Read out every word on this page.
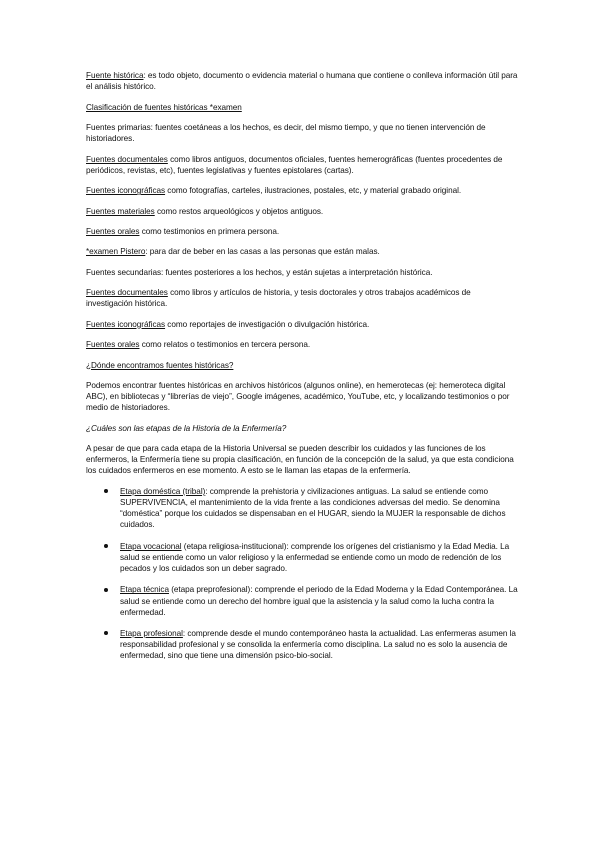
Fuente histórica: es todo objeto, documento o evidencia material o humana que contiene o conlleva información útil para el análisis histórico.

Clasificación de fuentes históricas *examen

Fuentes primarias: fuentes coetáneas a los hechos, es decir, del mismo tiempo, y que no tienen intervención de historiadores.

Fuentes documentales como libros antiguos, documentos oficiales, fuentes hemerográficas (fuentes procedentes de periódicos, revistas, etc), fuentes legislativas y fuentes epistolares (cartas).

Fuentes iconográficas como fotografías, carteles, ilustraciones, postales, etc, y material grabado original.

Fuentes materiales como restos arqueológicos y objetos antiguos.

Fuentes orales como testimonios en primera persona.

*examen Pistero: para dar de beber en las casas a las personas que están malas.

Fuentes secundarias: fuentes posteriores a los hechos, y están sujetas a interpretación histórica.

Fuentes documentales como libros y artículos de historia, y tesis doctorales y otros trabajos académicos de investigación histórica.

Fuentes iconográficas como reportajes de investigación o divulgación histórica.

Fuentes orales como relatos o testimonios en tercera persona.

¿Dónde encontramos fuentes históricas?

Podemos encontrar fuentes históricas en archivos históricos (algunos online), en hemerotecas (ej: hemeroteca digital ABC), en bibliotecas y “librerías de viejo”, Google imágenes, académico, YouTube, etc, y localizando testimonios o por medio de historiadores.

¿Cuáles son las etapas de la Historia de la Enfermería?

A pesar de que para cada etapa de la Historia Universal se pueden describir los cuidados y las funciones de los enfermeros, la Enfermería tiene su propia clasificación, en función de la concepción de la salud, ya que esta condiciona los cuidados enfermeros en ese momento. A esto se le llaman las etapas de la enfermería.

Etapa doméstica (tribal): comprende la prehistoria y civilizaciones antiguas. La salud se entiende como SUPERVIVENCIA, el mantenimiento de la vida frente a las condiciones adversas del medio. Se denomina “doméstica” porque los cuidados se dispensaban en el HUGAR, siendo la MUJER la responsable de dichos cuidados.
Etapa vocacional (etapa religiosa-institucional): comprende los orígenes del cristianismo y la Edad Media. La salud se entiende como un valor religioso y la enfermedad se entiende como un modo de redención de los pecados y los cuidados son un deber sagrado.
Etapa técnica (etapa preprofesional): comprende el periodo de la Edad Moderna y la Edad Contemporánea. La salud se entiende como un derecho del hombre igual que la asistencia y la salud como la lucha contra la enfermedad.
Etapa profesional: comprende desde el mundo contemporáneo hasta la actualidad. Las enfermeras asumen la responsabilidad profesional y se consolida la enfermería como disciplina. La salud no es solo la ausencia de enfermedad, sino que tiene una dimensión psico-bio-social.
